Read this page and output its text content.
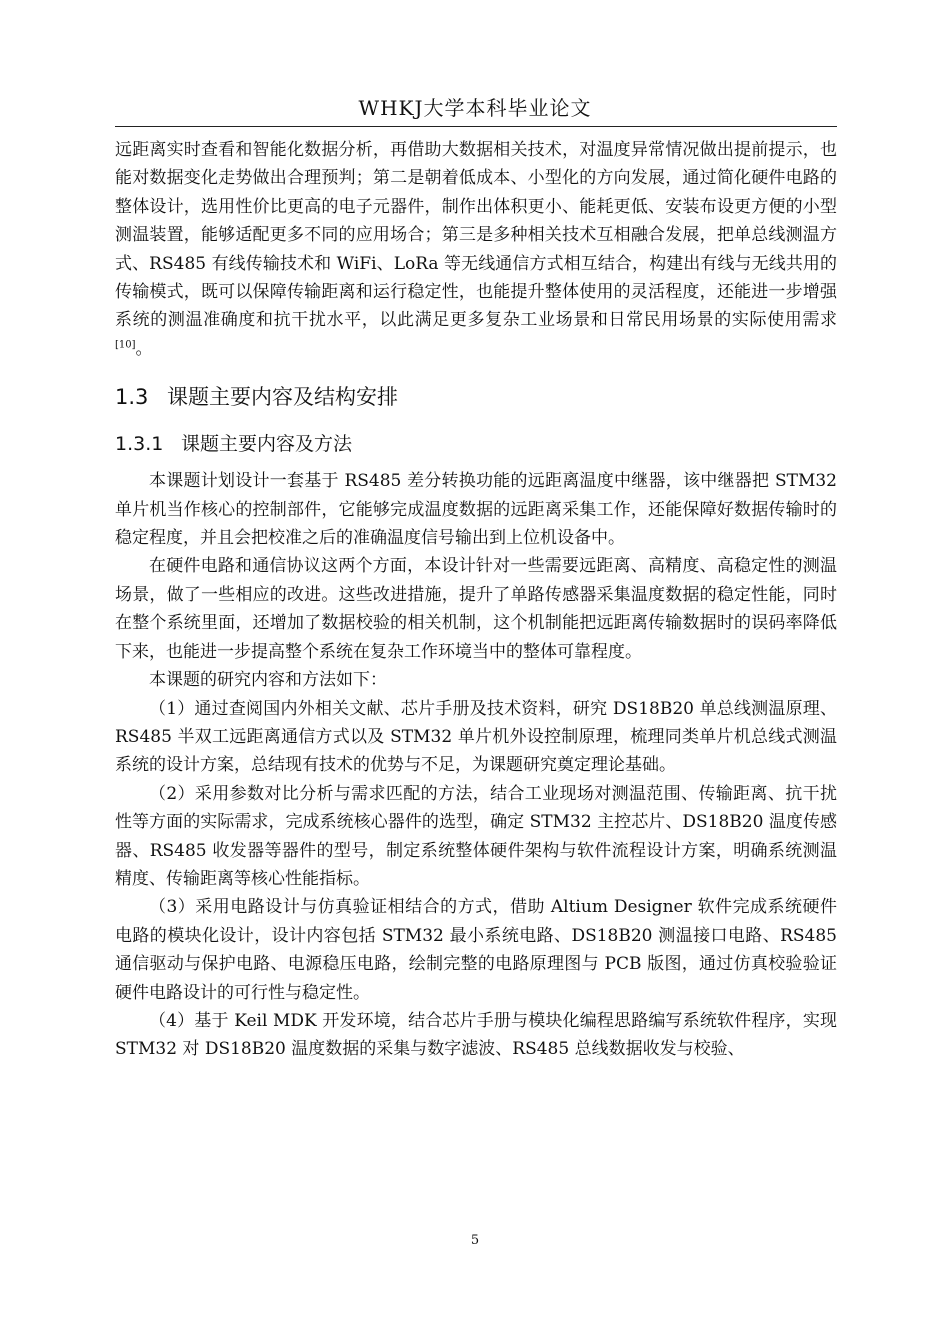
WHKJ大学本科毕业论文

远距离实时查看和智能化数据分析，再借助大数据相关技术，对温度异常情况做出提前提示，也能对数据变化走势做出合理预判；第二是朝着低成本、小型化的方向发展，通过简化硬件电路的整体设计，选用性价比更高的电子元器件，制作出体积更小、能耗更低、安装布设更方便的小型测温装置，能够适配更多不同的应用场合；第三是多种相关技术互相融合发展，把单总线测温方式、RS485 有线传输技术和 WiFi、LoRa 等无线通信方式相互结合，构建出有线与无线共用的传输模式，既可以保障传输距离和运行稳定性，也能提升整体使用的灵活程度，还能进一步增强系统的测温准确度和抗干扰水平，以此满足更多复杂工业场景和日常民用场景的实际使用需求[10]。

1.3 课题主要内容及结构安排
1.3.1 课题主要内容及方法

本课题计划设计一套基于 RS485 差分转换功能的远距离温度中继器，该中继器把 STM32 单片机当作核心的控制部件，它能够完成温度数据的远距离采集工作，还能保障好数据传输时的稳定程度，并且会把校准之后的准确温度信号输出到上位机设备中。

在硬件电路和通信协议这两个方面，本设计针对一些需要远距离、高精度、高稳定性的测温场景，做了一些相应的改进。这些改进措施，提升了单路传感器采集温度数据的稳定性能，同时在整个系统里面，还增加了数据校验的相关机制，这个机制能把远距离传输数据时的误码率降低下来，也能进一步提高整个系统在复杂工作环境当中的整体可靠程度。

本课题的研究内容和方法如下：

（1）通过查阅国内外相关文献、芯片手册及技术资料，研究 DS18B20 单总线测温原理、RS485 半双工远距离通信方式以及 STM32 单片机外设控制原理，梳理同类单片机总线式测温系统的设计方案，总结现有技术的优势与不足，为课题研究奠定理论基础。

（2）采用参数对比分析与需求匹配的方法，结合工业现场对测温范围、传输距离、抗干扰性等方面的实际需求，完成系统核心器件的选型，确定 STM32 主控芯片、DS18B20 温度传感器、RS485 收发器等器件的型号，制定系统整体硬件架构与软件流程设计方案，明确系统测温精度、传输距离等核心性能指标。

（3）采用电路设计与仿真验证相结合的方式，借助 Altium Designer 软件完成系统硬件电路的模块化设计，设计内容包括 STM32 最小系统电路、DS18B20 测温接口电路、RS485 通信驱动与保护电路、电源稳压电路，绘制完整的电路原理图与 PCB 版图，通过仿真校验验证硬件电路设计的可行性与稳定性。

（4）基于 Keil MDK 开发环境，结合芯片手册与模块化编程思路编写系统软件程序，实现 STM32 对 DS18B20 温度数据的采集与数字滤波、RS485 总线数据收发与校验、

5
